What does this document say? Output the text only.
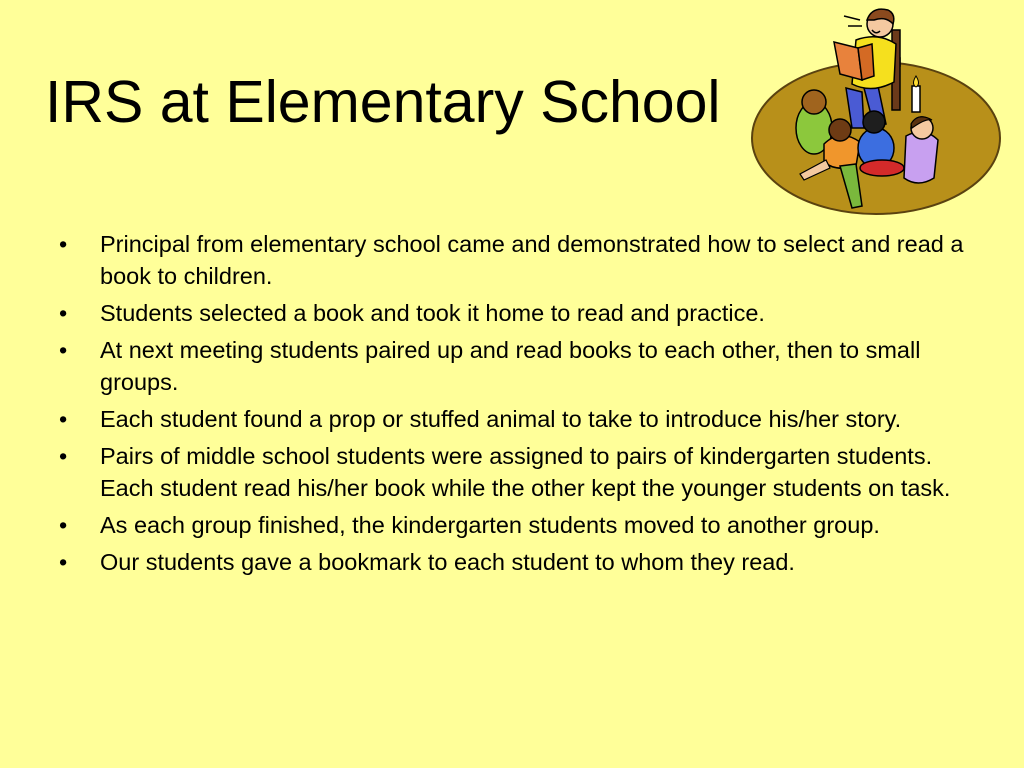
IRS at Elementary School
• Principal from elementary school came and demonstrated how to select and read a book to children.
• Students selected a book and took it home to read and practice.
• At next meeting students paired up and read books to each other, then to small groups.
• Each student found a prop or stuffed animal to take to introduce his/her story.
• Pairs of middle school students were assigned to pairs of kindergarten students.  Each student read his/her book while the other kept the younger students on task.
• As each group finished, the kindergarten students moved to another group.
• Our students gave a bookmark to each student to whom they read.
